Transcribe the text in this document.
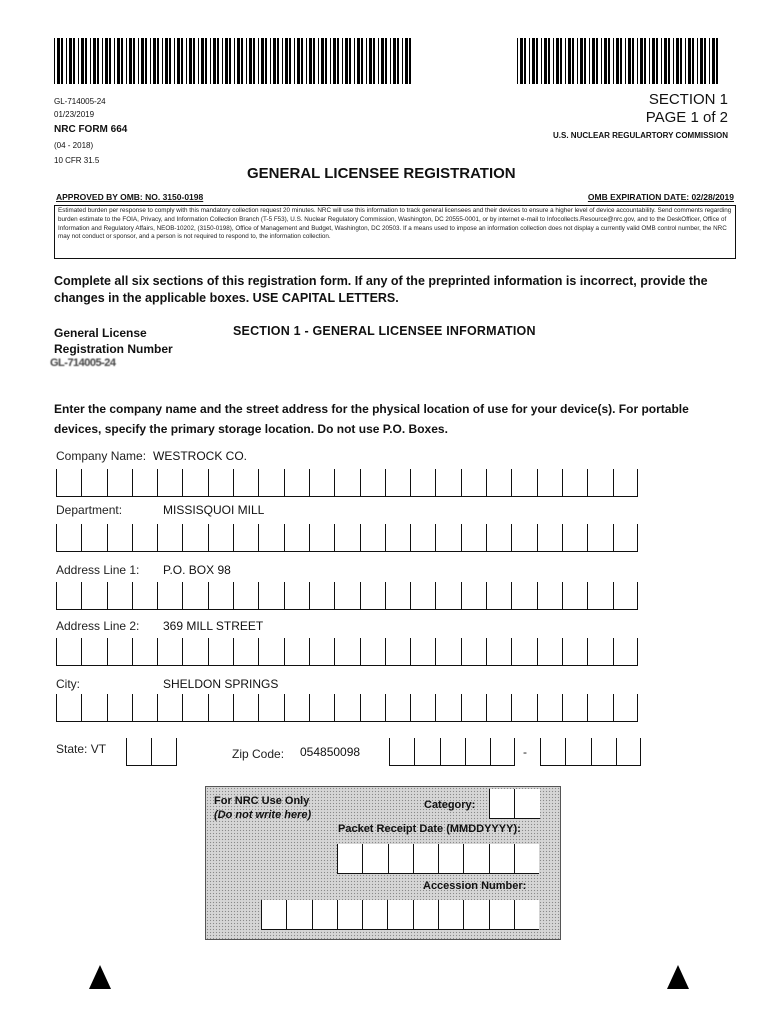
GL-714005-24
01/23/2019
NRC FORM 664
(04 - 2018)
10 CFR 31.5
SECTION 1
PAGE 1 of 2
U.S. NUCLEAR REGULARTORY COMMISSION
GENERAL LICENSEE REGISTRATION
APPROVED BY OMB: NO. 3150-0198	OMB EXPIRATION DATE: 02/28/2019
Estimated burden per response to comply with this mandatory collection request 20 minutes. NRC will use this information to track general licensees and their devices to ensure a higher level of device accountability. Send comments regarding burden estimate to the FOIA, Privacy, and Information Collection Branch (T-5 F53), U.S. Nuclear Regulatory Commission, Washington, DC 20555-0001, or by internet e-mail to Infocollects.Resource@nrc.gov, and to the DeskOfficer, Office of Information and Regulatory Affairs, NEOB-10202, (3150-0198), Office of Management and Budget, Washington, DC 20503. If a means used to impose an information collection does not display a currently valid OMB control number, the NRC may not conduct or sponsor, and a person is not required to respond to, the information collection.
Complete all six sections of this registration form. If any of the preprinted information is incorrect, provide the changes in the applicable boxes. USE CAPITAL LETTERS.
General License
Registration Number
GL-714005-24
SECTION 1 - GENERAL LICENSEE INFORMATION
Enter the company name and the street address for the physical location of use for your device(s). For portable devices, specify the primary storage location. Do not use P.O. Boxes.
Company Name: WESTROCK CO.
Department:	MISSISQUOI MILL
Address Line 1: P.O. BOX 98
Address Line 2: 369 MILL STREET
City:	SHELDON SPRINGS
State: VT	Zip Code: 054850098	-
For NRC Use Only
(Do not write here)
Category:
Packet Receipt Date (MMDDYYYY):
Accession Number:
